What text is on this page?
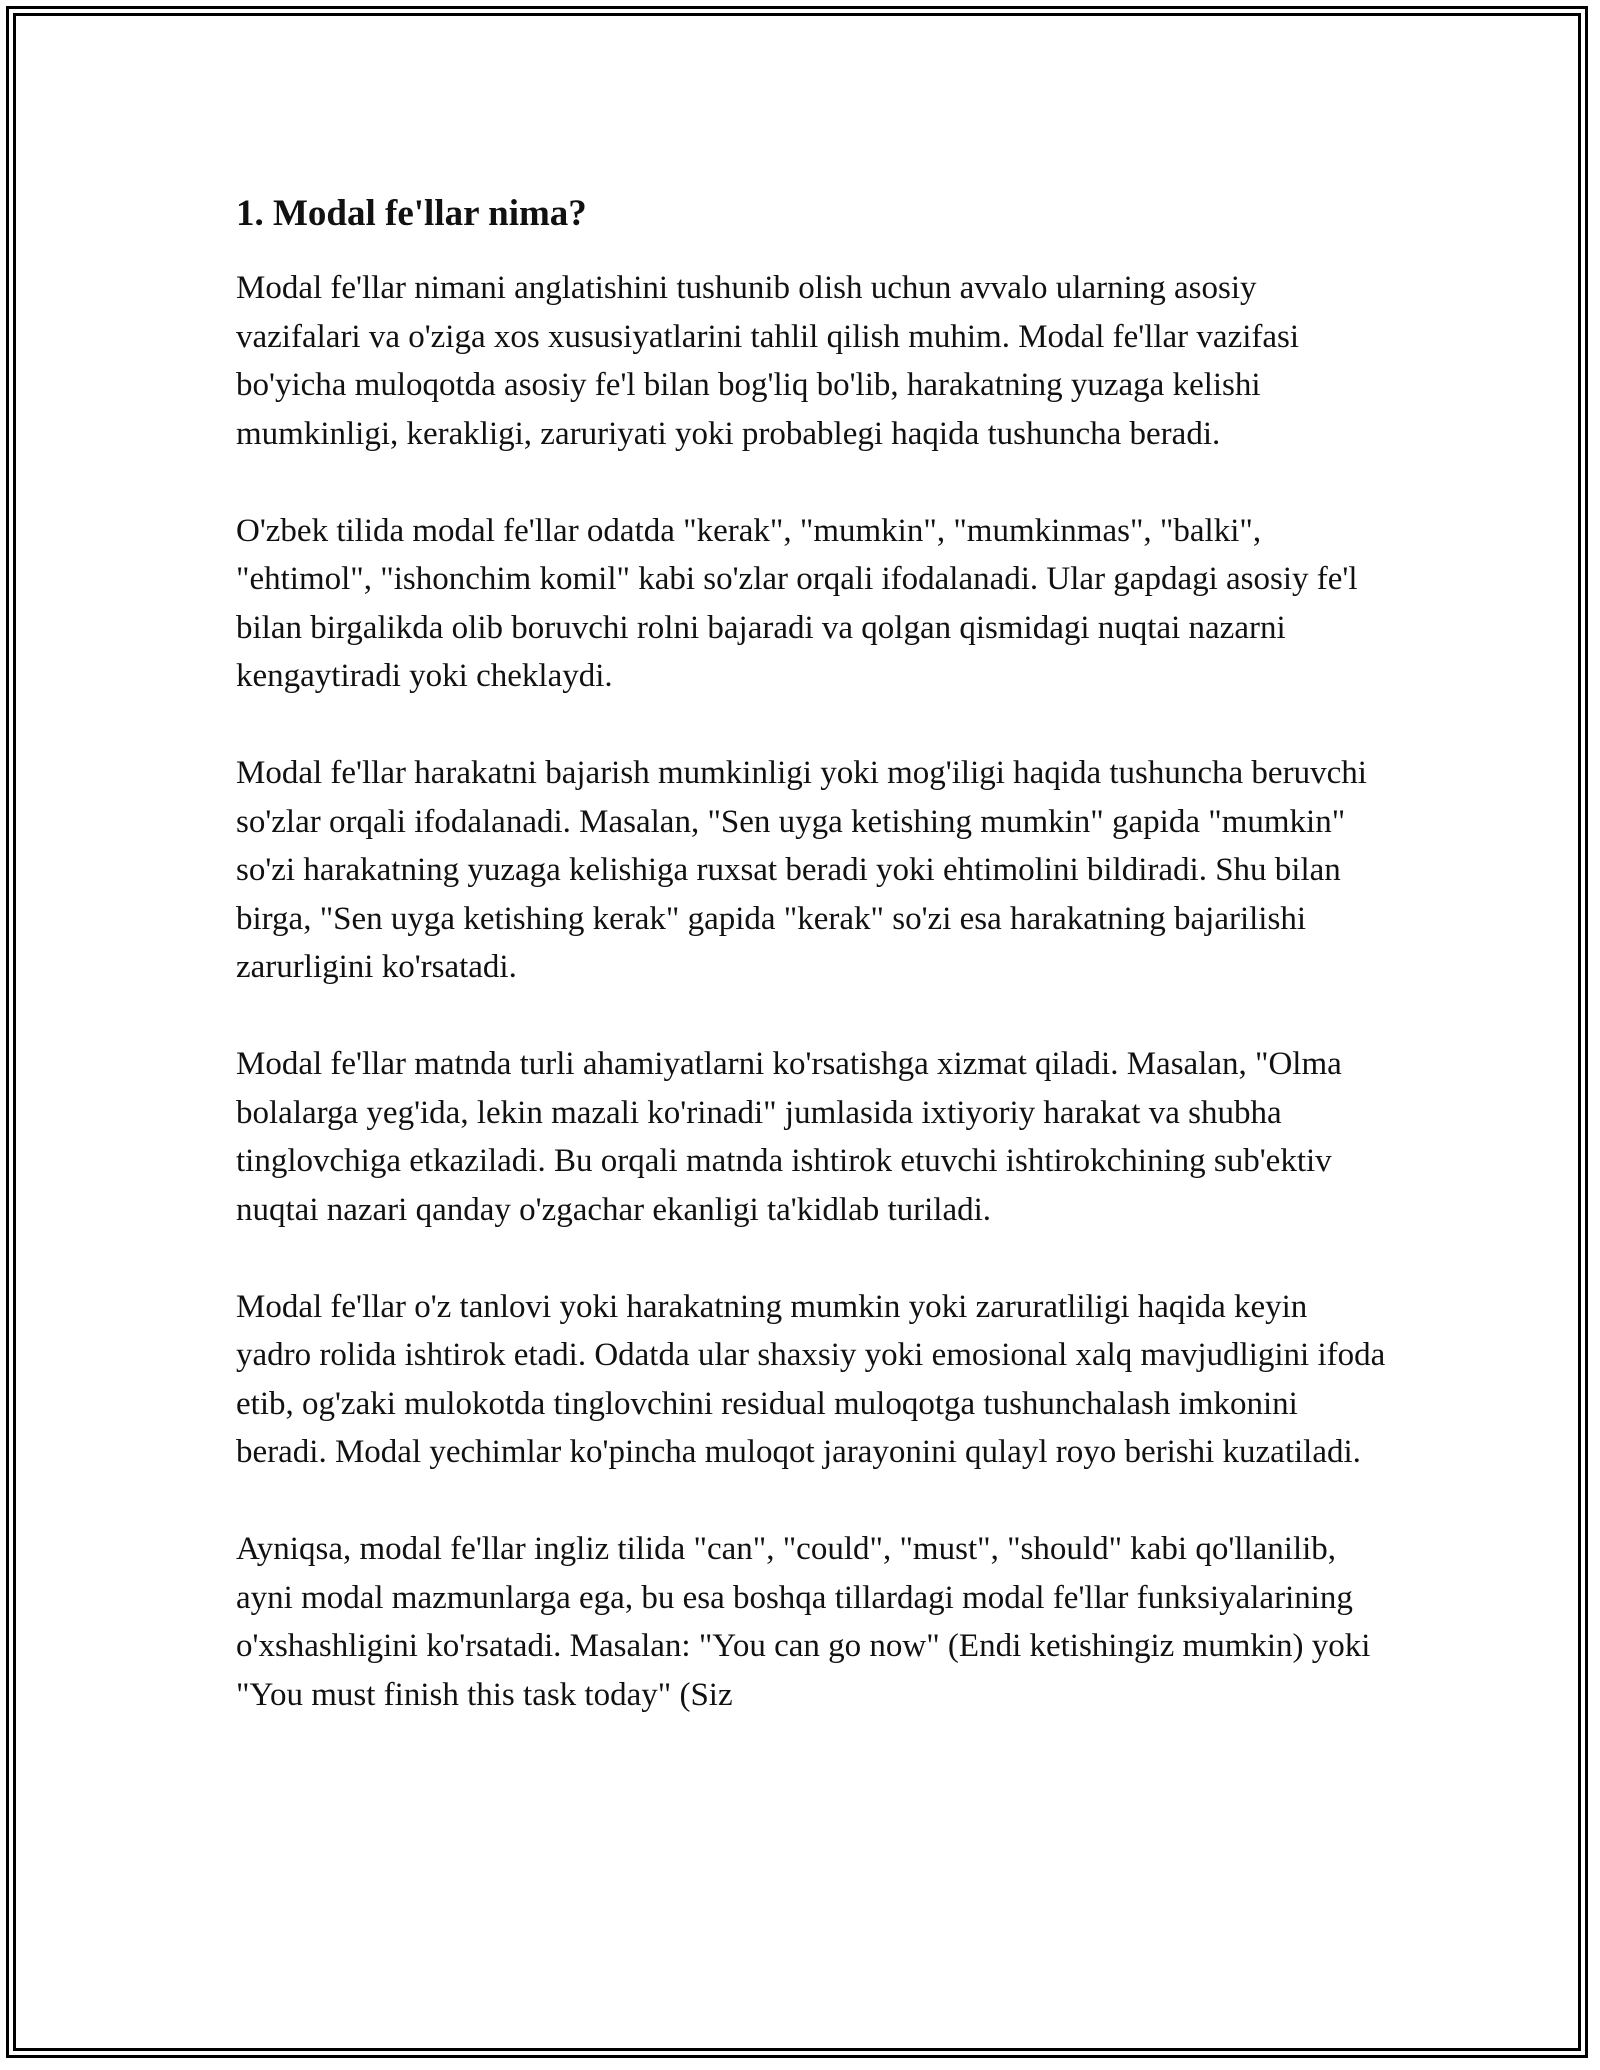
1. Modal fe'llar nima?

Modal fe'llar nimani anglatishini tushunib olish uchun avvalo ularning asosiy vazifalari va o'ziga xos xususiyatlarini tahlil qilish muhim. Modal fe'llar vazifasi bo'yicha muloqotda asosiy fe'l bilan bog'liq bo'lib, harakatning yuzaga kelishi mumkinligi, kerakligi, zaruriyati yoki probablegi haqida tushuncha beradi.

O'zbek tilida modal fe'llar odatda "kerak", "mumkin", "mumkinmas", "balki", "ehtimol", "ishonchim komil" kabi so'zlar orqali ifodalanadi. Ular gapdagi asosiy fe'l bilan birgalikda olib boruvchi rolni bajaradi va qolgan qismidagi nuqtai nazarni kengaytiradi yoki cheklaydi.

Modal fe'llar harakatni bajarish mumkinligi yoki mog'iligi haqida tushuncha beruvchi so'zlar orqali ifodalanadi. Masalan, "Sen uyga ketishing mumkin" gapida "mumkin" so'zi harakatning yuzaga kelishiga ruxsat beradi yoki ehtimolini bildiradi. Shu bilan birga, "Sen uyga ketishing kerak" gapida "kerak" so'zi esa harakatning bajarilishi zarurligini ko'rsatadi.

Modal fe'llar matnda turli ahamiyatlarni ko'rsatishga xizmat qiladi. Masalan, "Olma bolalarga yeg'ida, lekin mazali ko'rinadi" jumlasida ixtiyoriy harakat va shubha tinglovchiga etkaziladi. Bu orqali matnda ishtirok etuvchi ishtirokchining sub'ektiv nuqtai nazari qanday o'zgachar ekanligi ta'kidlab turiladi.

Modal fe'llar o'z tanlovi yoki harakatning mumkin yoki zaruratliligi haqida keyin yadro rolida ishtirok etadi. Odatda ular shaxsiy yoki emosional xalq mavjudligini ifoda etib, og'zaki mulokotda tinglovchini residual muloqotga tushunchalash imkonini beradi. Modal yechimlar ko'pincha muloqot jarayonini qulayl royo berishi kuzatiladi.

Ayniqsa, modal fe'llar ingliz tilida "can", "could", "must", "should" kabi qo'llanilib, ayni modal mazmunlarga ega, bu esa boshqa tillardagi modal fe'llar funksiyalarining o'xshashligini ko'rsatadi. Masalan: "You can go now" (Endi ketishingiz mumkin) yoki "You must finish this task today" (Siz
